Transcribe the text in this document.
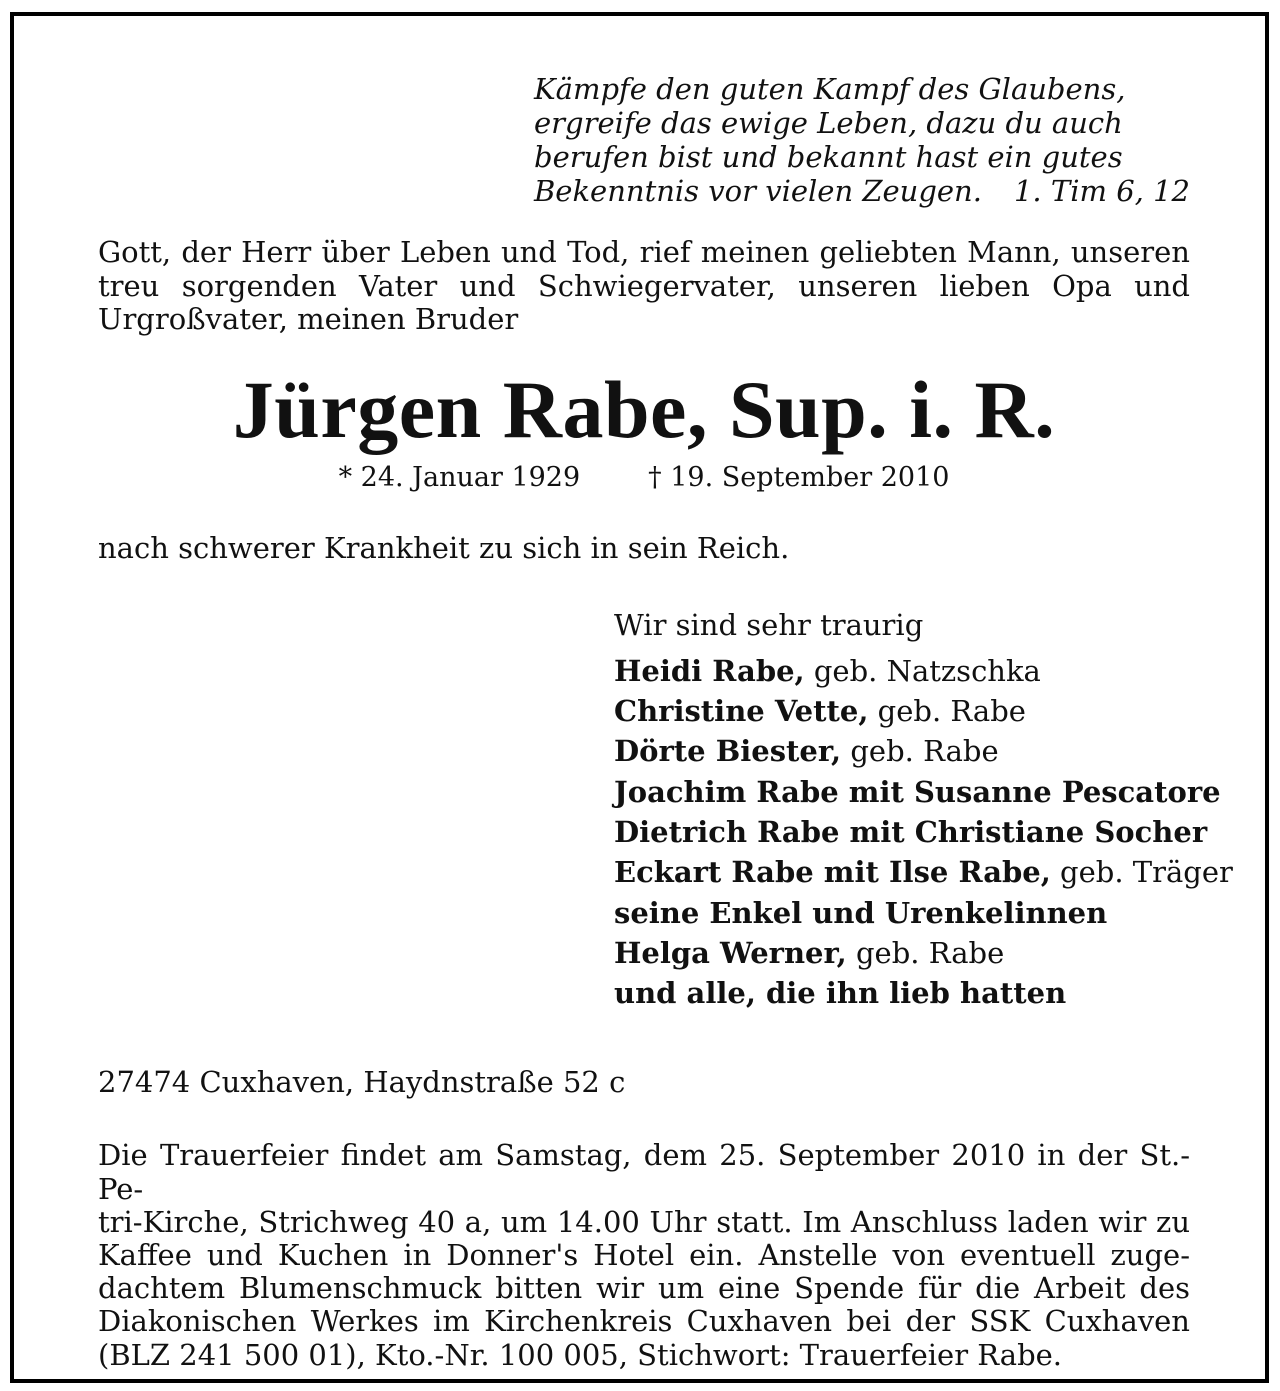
Kämpfe den guten Kampf des Glaubens,
ergreife das ewige Leben, dazu du auch
berufen bist und bekannt hast ein gutes
Bekenntnis vor vielen Zeugen. 1. Tim 6, 12
Gott, der Herr über Leben und Tod, rief meinen geliebten Mann, unseren treu sorgenden Vater und Schwiegervater, unseren lieben Opa und Urgroßvater, meinen Bruder
Jürgen Rabe, Sup. i. R.
* 24. Januar 1929	† 19. September 2010
nach schwerer Krankheit zu sich in sein Reich.
Wir sind sehr traurig
Heidi Rabe, geb. Natzschka
Christine Vette, geb. Rabe
Dörte Biester, geb. Rabe
Joachim Rabe mit Susanne Pescatore
Dietrich Rabe mit Christiane Socher
Eckart Rabe mit Ilse Rabe, geb. Träger
seine Enkel und Urenkelinnen
Helga Werner, geb. Rabe
und alle, die ihn lieb hatten
27474 Cuxhaven, Haydnstraße 52 c
Die Trauerfeier findet am Samstag, dem 25. September 2010 in der St.-Pe-
tri-Kirche, Strichweg 40 a, um 14.00 Uhr statt. Im Anschluss laden wir zu
Kaffee und Kuchen in Donner's Hotel ein. Anstelle von eventuell zuge-
dachtem Blumenschmuck bitten wir um eine Spende für die Arbeit des
Diakonischen Werkes im Kirchenkreis Cuxhaven bei der SSK Cuxhaven
(BLZ 241 500 01), Kto.-Nr. 100 005, Stichwort: Trauerfeier Rabe.
